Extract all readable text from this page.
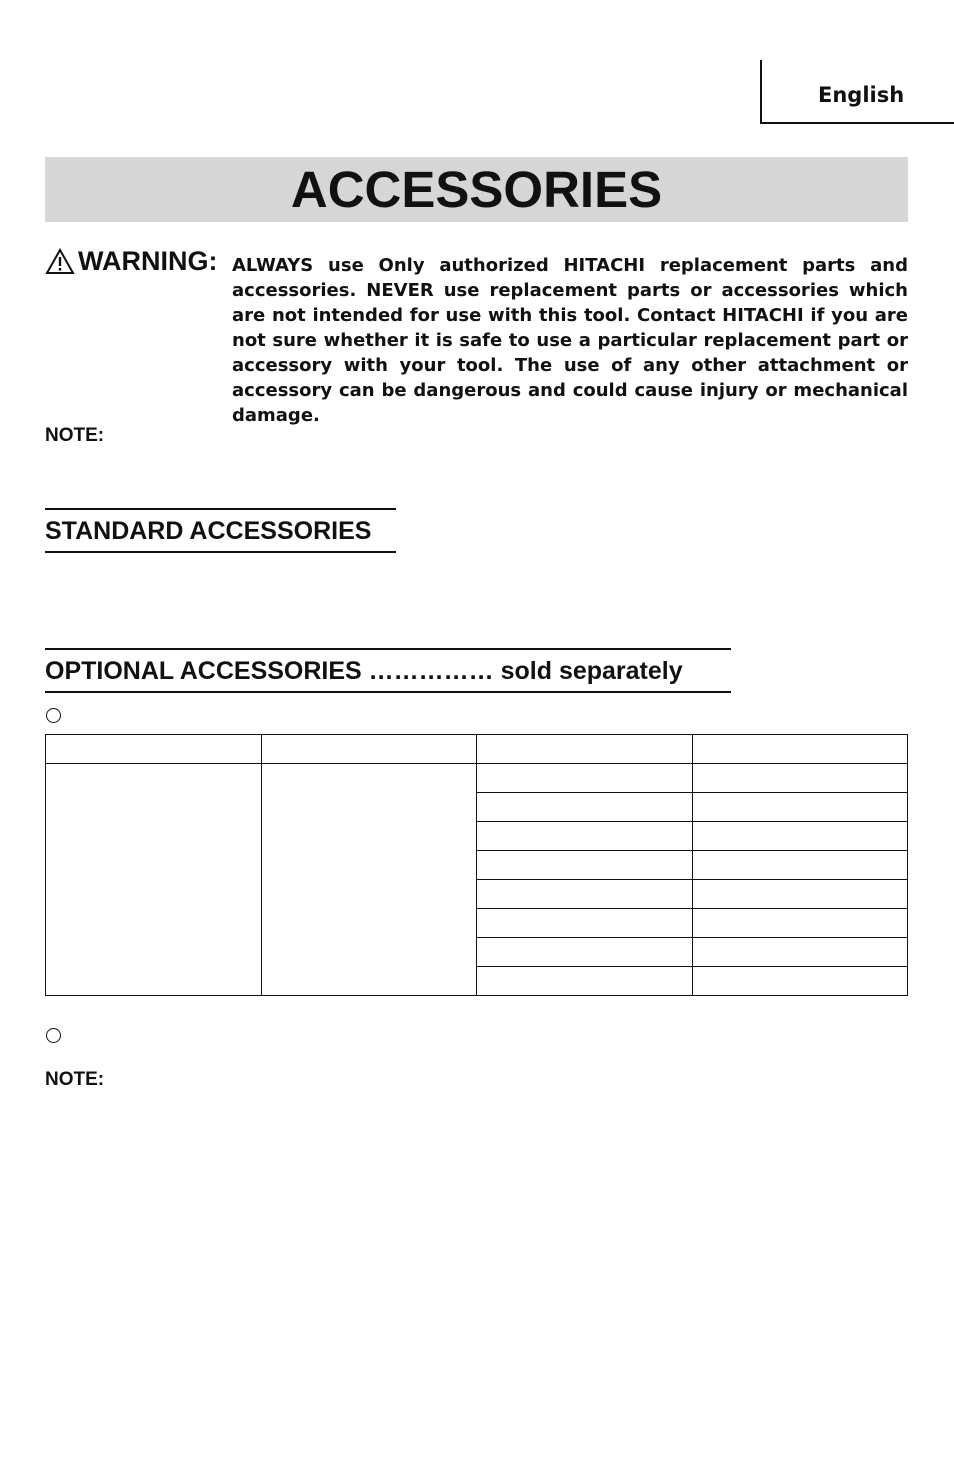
English
ACCESSORIES
WARNING: ALWAYS use Only authorized HITACHI replacement parts and accessories. NEVER use replacement parts or accessories which are not intended for use with this tool. Contact HITACHI if you are not sure whether it is safe to use a particular replacement part or accessory with your tool. The use of any other attachment or accessory can be dangerous and could cause injury or mechanical damage.

NOTE:
STANDARD ACCESSORIES
OPTIONAL ACCESSORIES …………… sold separately

NOTE:
